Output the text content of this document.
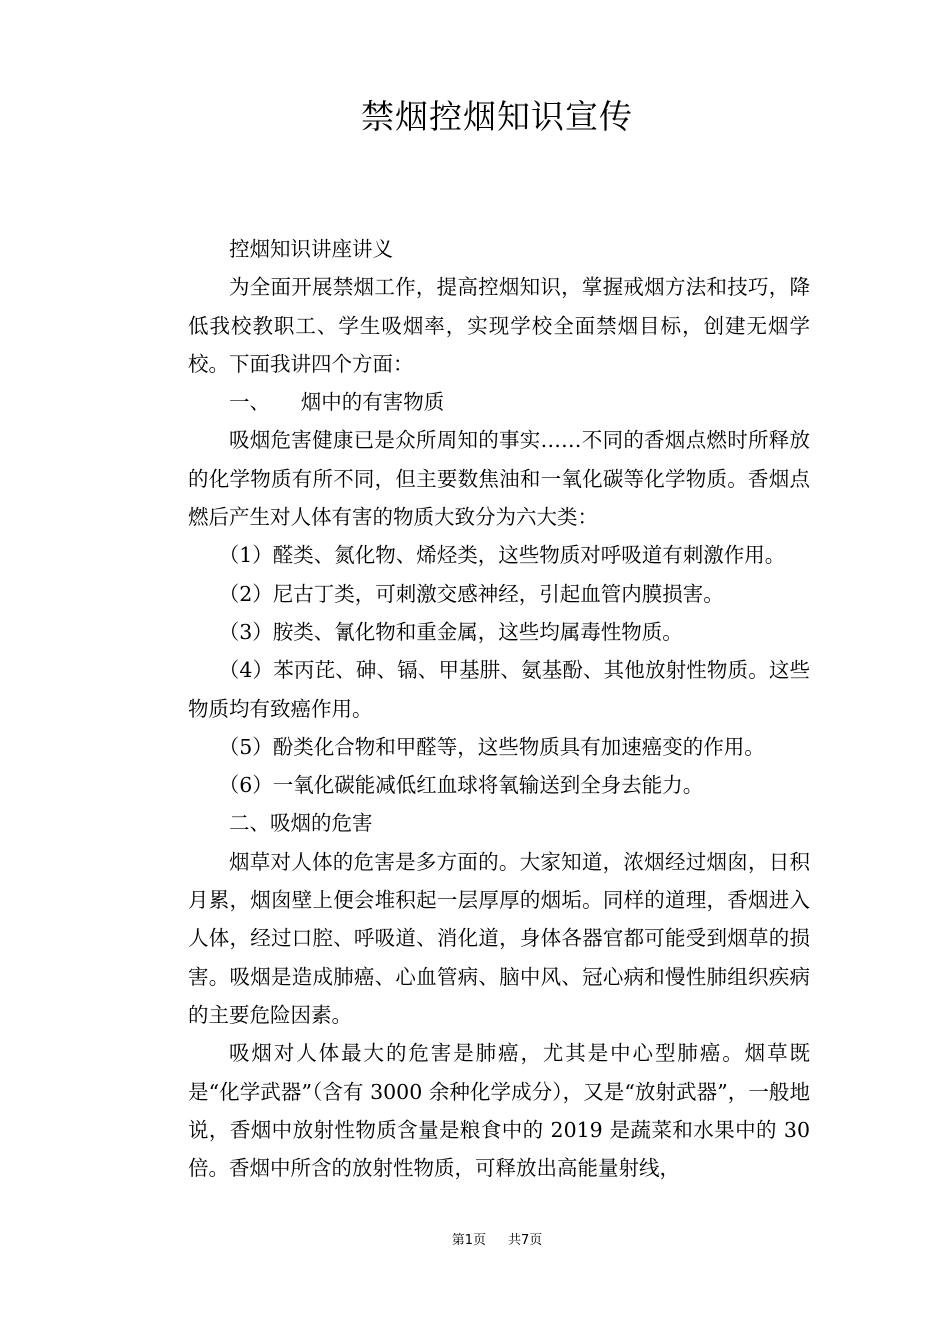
禁烟控烟知识宣传

控烟知识讲座讲义

为全面开展禁烟工作，提高控烟知识，掌握戒烟方法和技巧，降低我校教职工、学生吸烟率，实现学校全面禁烟目标，创建无烟学校。下面我讲四个方面：

一、　　烟中的有害物质

吸烟危害健康已是众所周知的事实……不同的香烟点燃时所释放的化学物质有所不同，但主要数焦油和一氧化碳等化学物质。香烟点燃后产生对人体有害的物质大致分为六大类：

（1）醛类、氮化物、烯烃类，这些物质对呼吸道有刺激作用。

（2）尼古丁类，可刺激交感神经，引起血管内膜损害。

（3）胺类、氰化物和重金属，这些均属毒性物质。

（4）苯丙芘、砷、镉、甲基肼、氨基酚、其他放射性物质。这些物质均有致癌作用。

（5）酚类化合物和甲醛等，这些物质具有加速癌变的作用。

（6）一氧化碳能减低红血球将氧输送到全身去能力。

二、吸烟的危害

烟草对人体的危害是多方面的。大家知道，浓烟经过烟囱，日积月累，烟囱壁上便会堆积起一层厚厚的烟垢。同样的道理，香烟进入人体，经过口腔、呼吸道、消化道，身体各器官都可能受到烟草的损害。吸烟是造成肺癌、心血管病、脑中风、冠心病和慢性肺组织疾病的主要危险因素。

吸烟对人体最大的危害是肺癌，尤其是中心型肺癌。烟草既是“化学武器”（含有 3000 余种化学成分），又是“放射武器”，一般地说，香烟中放射性物质含量是粮食中的 2019 是蔬菜和水果中的 30 倍。香烟中所含的放射性物质，可释放出高能量射线，

第1页 共7页
